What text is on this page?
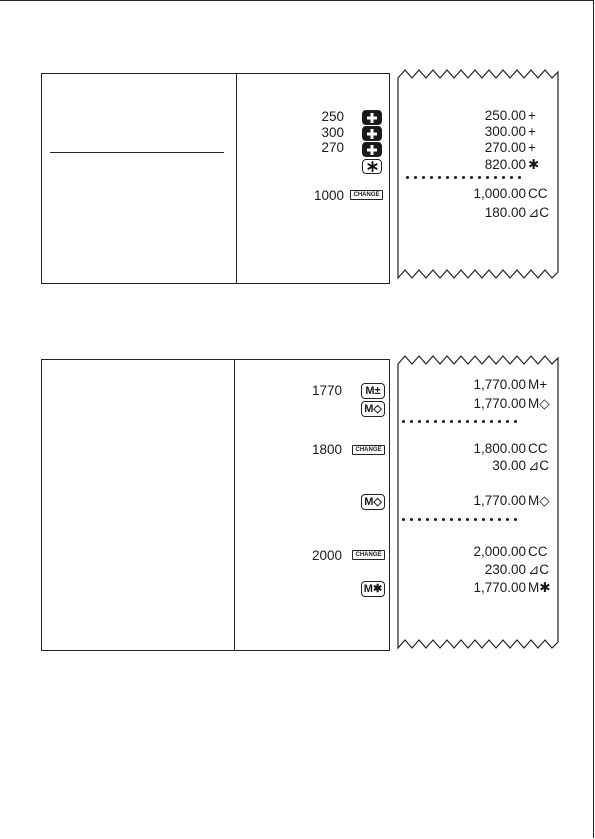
250
300
270
1000	CHANGE
250.00 +
300.00 +
270.00 +
820.00 ✱
1,000.00 CC
180.00 ⊿C
1770	M±
M◇
1800	CHANGE
M◇
2000	CHANGE
M✱
1,770.00 M+
1,770.00 M◇
1,800.00 CC
30.00 ⊿C
1,770.00 M◇
2,000.00 CC
230.00 ⊿C
1,770.00 M✱
